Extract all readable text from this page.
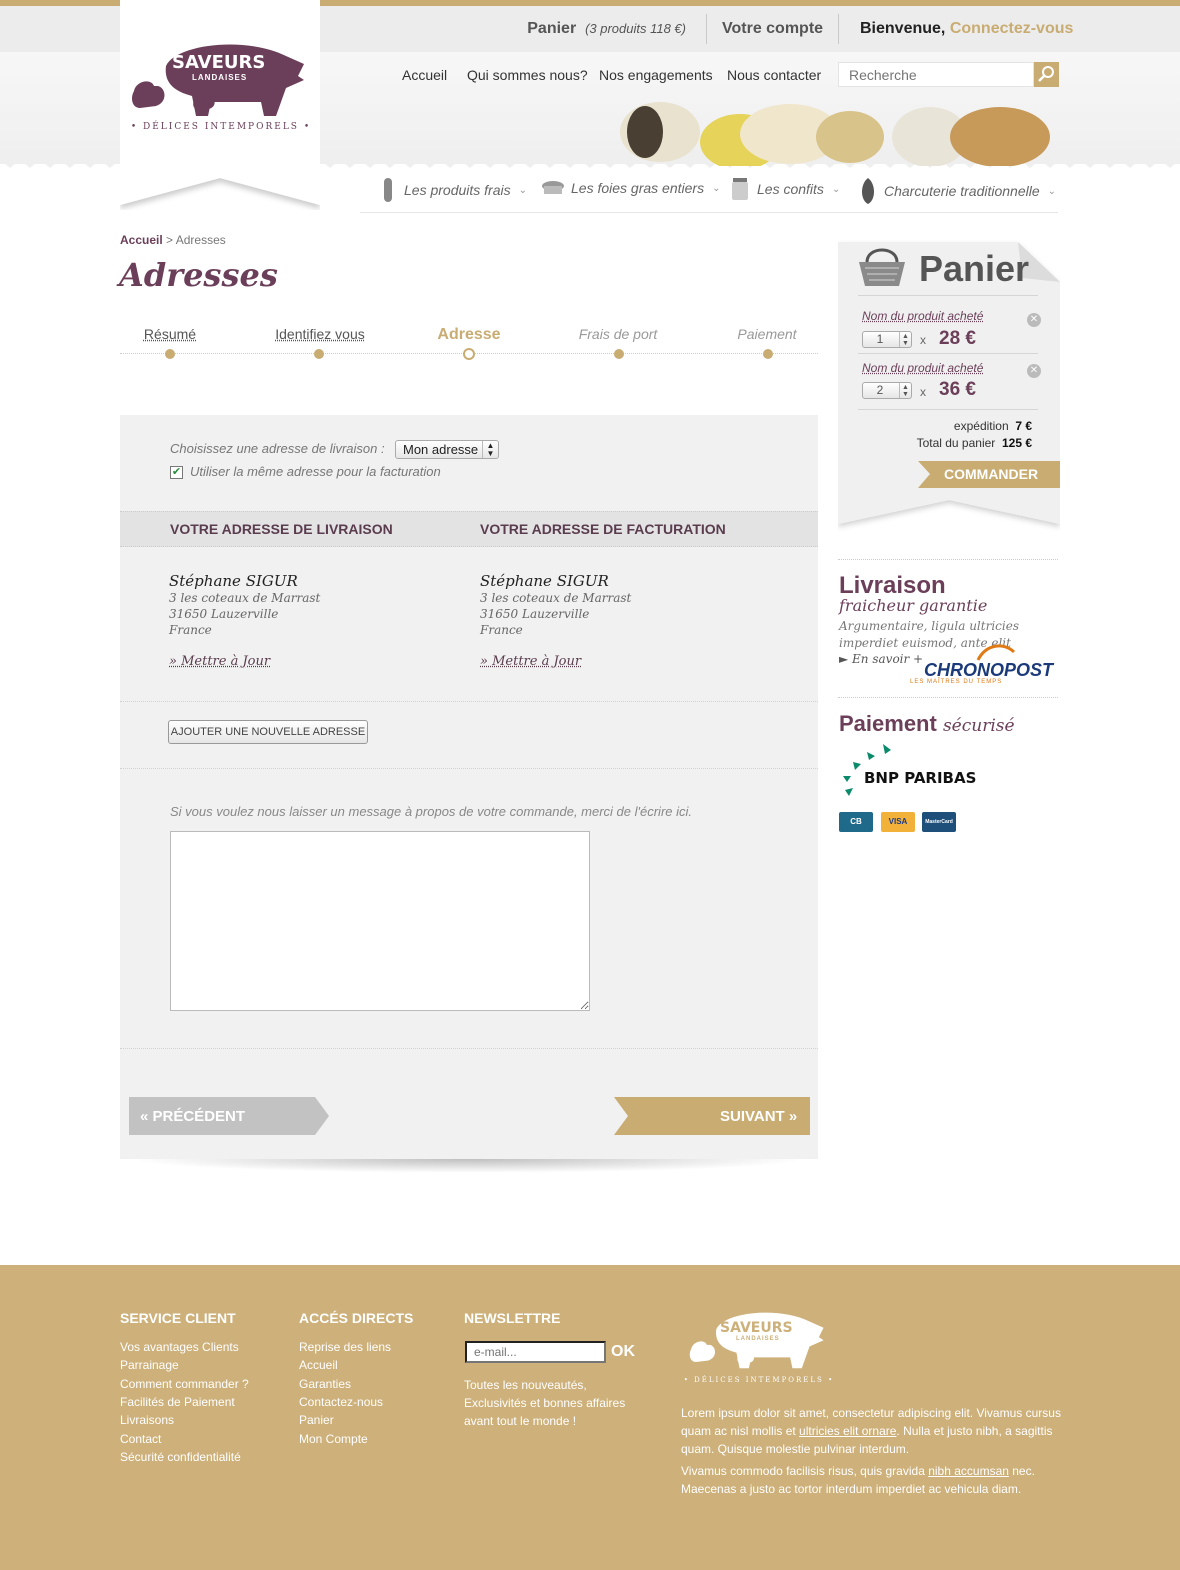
Panier (3 produits 118 €) Votre compte Bienvenue, Connectez-vous
Accueil Qui sommes nous? Nos engagements Nous contacter
Recherche
SAVEURS
LANDAISES
• DÉLICES INTEMPORELS •
Les produits frais ⌄	Les foies gras entiers ⌄	Les confits ⌄	Charcuterie traditionnelle ⌄
Accueil > Adresses
Adresses
Résumé	Identifiez vous	Adresse	Frais de port	Paiement
Choisissez une adresse de livraison :	Mon adresse	▲
▼
✔ Utiliser la même adresse pour la facturation
VOTRE ADRESSE DE LIVRAISON	VOTRE ADRESSE DE FACTURATION
Stéphane SIGUR
3 les coteaux de Marrast
31650 Lauzerville
France
» Mettre à Jour
Stéphane SIGUR
3 les coteaux de Marrast
31650 Lauzerville
France
» Mettre à Jour
AJOUTER UNE NOUVELLE ADRESSE
Si vous voulez nous laisser un message à propos de votre commande, merci de l'écrire ici.
« PRÉCÉDENT	SUIVANT »
Panier
Nom du produit acheté	✕
1	▲
▼ x 28 €
Nom du produit acheté	✕
2	▲
▼ x 36 €
expédition 7 €
Total du panier 125 €
COMMANDER
Livraison
fraicheur garantie
Argumentaire, ligula ultricies imperdiet euismod, ante elit
► En savoir +
CHRONOPOST
LES MAÎTRES DU TEMPS
Paiement sécurisé
BNP PARIBAS
CB	VISA	MasterCard
SERVICE CLIENT
Vos avantages Clients
Parrainage
Comment commander ?
Facilités de Paiement
Livraisons
Contact
Sécurité confidentialité
ACCÉS DIRECTS
Reprise des liens
Accueil
Garanties
Contactez-nous
Panier
Mon Compte
NEWSLETTRE
e-mail...
OK
Toutes les nouveautés, Exclusivités et bonnes affaires avant tout le monde !
SAVEURS
LANDAISES
• DÉLICES INTEMPORELS •
Lorem ipsum dolor sit amet, consectetur adipiscing elit. Vivamus cursus quam ac nisl mollis et ultricies elit ornare. Nulla et justo nibh, a sagittis quam. Quisque molestie pulvinar interdum.
Vivamus commodo facilisis risus, quis gravida nibh accumsan nec. Maecenas a justo ac tortor interdum imperdiet ac vehicula diam.
